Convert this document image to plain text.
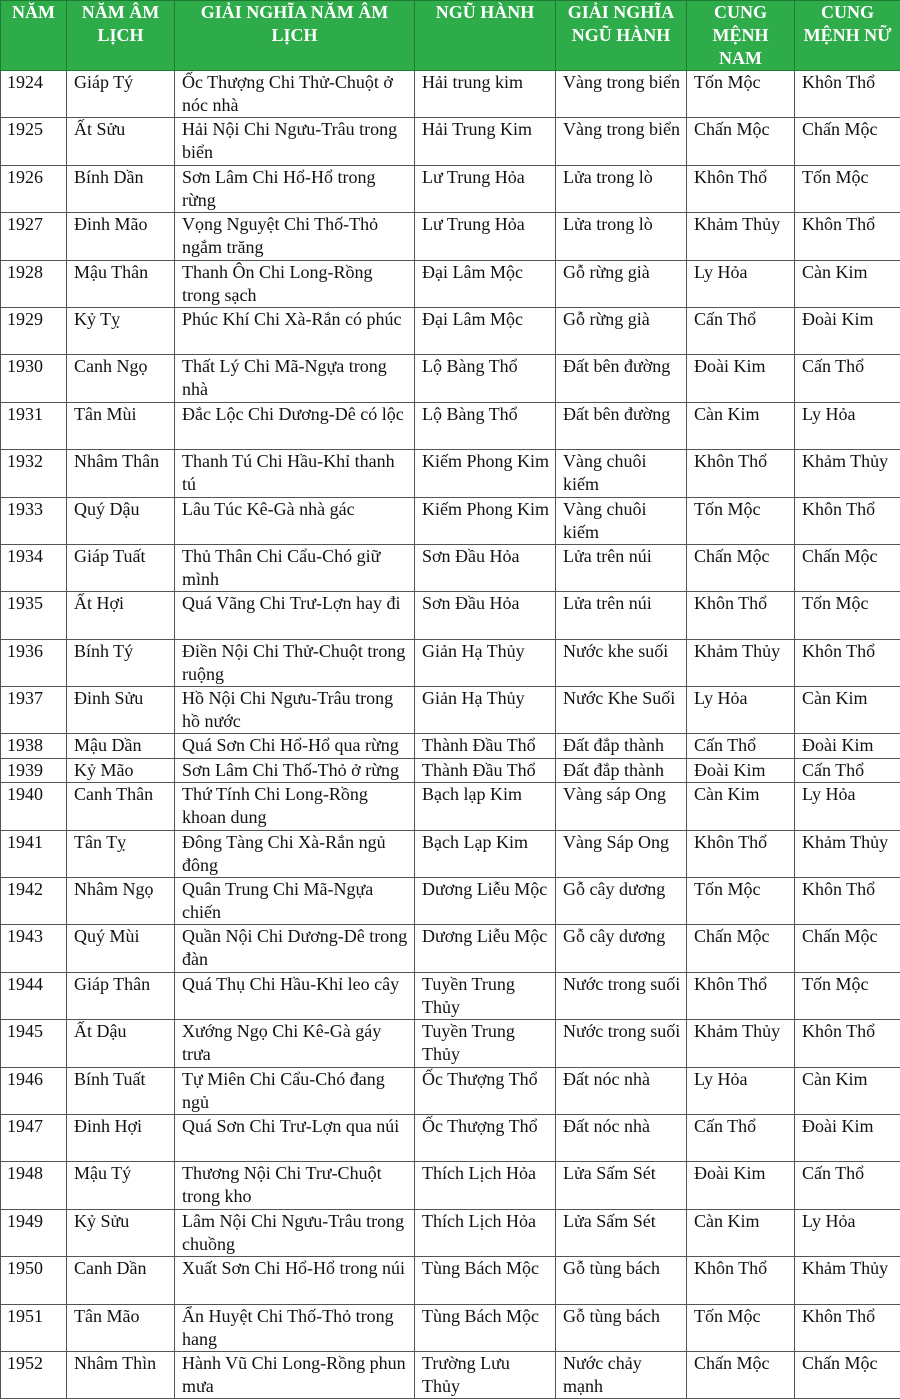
NĂM	NĂM ÂM LỊCH	GIẢI NGHĨA NĂM ÂM LỊCH	NGŨ HÀNH	GIẢI NGHĨA NGŨ HÀNH	CUNG MỆNH NAM	CUNG MỆNH NỮ
1924	Giáp Tý	Ốc Thượng Chi Thử-Chuột ở nóc nhà	Hải trung kim	Vàng trong biển	Tốn Mộc	Khôn Thổ
1925	Ất Sửu	Hải Nội Chi Ngưu-Trâu trong biển	Hải Trung Kim	Vàng trong biển	Chấn Mộc	Chấn Mộc
1926	Bính Dần	Sơn Lâm Chi Hổ-Hổ trong rừng	Lư Trung Hỏa	Lửa trong lò	Khôn Thổ	Tốn Mộc
1927	Đinh Mão	Vọng Nguyệt Chi Thố-Thỏ ngắm trăng	Lư Trung Hỏa	Lửa trong lò	Khảm Thủy	Khôn Thổ
1928	Mậu Thân	Thanh Ôn Chi Long-Rồng trong sạch	Đại Lâm Mộc	Gỗ rừng già	Ly Hỏa	Càn Kim
1929	Kỷ Tỵ	Phúc Khí Chi Xà-Rắn có phúc	Đại Lâm Mộc	Gỗ rừng già	Cấn Thổ	Đoài Kim
1930	Canh Ngọ	Thất Lý Chi Mã-Ngựa trong nhà	Lộ Bàng Thổ	Đất bên đường	Đoài Kim	Cấn Thổ
1931	Tân Mùi	Đắc Lộc Chi Dương-Dê có lộc	Lộ Bàng Thổ	Đất bên đường	Càn Kim	Ly Hỏa
1932	Nhâm Thân	Thanh Tú Chi Hầu-Khỉ thanh tú	Kiếm Phong Kim	Vàng chuôi kiếm	Khôn Thổ	Khảm Thủy
1933	Quý Dậu	Lâu Túc Kê-Gà nhà gác	Kiếm Phong Kim	Vàng chuôi kiếm	Tốn Mộc	Khôn Thổ
1934	Giáp Tuất	Thủ Thân Chi Cẩu-Chó giữ mình	Sơn Đầu Hỏa	Lửa trên núi	Chấn Mộc	Chấn Mộc
1935	Ất Hợi	Quá Vãng Chi Trư-Lợn hay đi	Sơn Đầu Hỏa	Lửa trên núi	Khôn Thổ	Tốn Mộc
1936	Bính Tý	Điền Nội Chi Thử-Chuột trong ruộng	Giản Hạ Thủy	Nước khe suối	Khảm Thủy	Khôn Thổ
1937	Đinh Sửu	Hồ Nội Chi Ngưu-Trâu trong hồ nước	Giản Hạ Thủy	Nước Khe Suối	Ly Hỏa	Càn Kim
1938	Mậu Dần	Quá Sơn Chi Hổ-Hổ qua rừng	Thành Đầu Thổ	Đất đắp thành	Cấn Thổ	Đoài Kim
1939	Kỷ Mão	Sơn Lâm Chi Thố-Thỏ ở rừng	Thành Đầu Thổ	Đất đắp thành	Đoài Kim	Cấn Thổ
1940	Canh Thân	Thứ Tính Chi Long-Rồng khoan dung	Bạch lạp Kim	Vàng sáp Ong	Càn Kim	Ly Hỏa
1941	Tân Tỵ	Đông Tàng Chi Xà-Rắn ngủ đông	Bạch Lạp Kim	Vàng Sáp Ong	Khôn Thổ	Khảm Thủy
1942	Nhâm Ngọ	Quân Trung Chi Mã-Ngựa chiến	Dương Liễu Mộc	Gỗ cây dương	Tốn Mộc	Khôn Thổ
1943	Quý Mùi	Quần Nội Chi Dương-Dê trong đàn	Dương Liễu Mộc	Gỗ cây dương	Chấn Mộc	Chấn Mộc
1944	Giáp Thân	Quá Thụ Chi Hầu-Khỉ leo cây	Tuyền Trung Thủy	Nước trong suối	Khôn Thổ	Tốn Mộc
1945	Ất Dậu	Xướng Ngọ Chi Kê-Gà gáy trưa	Tuyền Trung Thủy	Nước trong suối	Khảm Thủy	Khôn Thổ
1946	Bính Tuất	Tự Miên Chi Cẩu-Chó đang ngủ	Ốc Thượng Thổ	Đất nóc nhà	Ly Hỏa	Càn Kim
1947	Đinh Hợi	Quá Sơn Chi Trư-Lợn qua núi	Ốc Thượng Thổ	Đất nóc nhà	Cấn Thổ	Đoài Kim
1948	Mậu Tý	Thương Nội Chi Trư-Chuột trong kho	Thích Lịch Hỏa	Lửa Sấm Sét	Đoài Kim	Cấn Thổ
1949	Kỷ Sửu	Lâm Nội Chi Ngưu-Trâu trong chuồng	Thích Lịch Hỏa	Lửa Sấm Sét	Càn Kim	Ly Hỏa
1950	Canh Dần	Xuất Sơn Chi Hổ-Hổ trong núi	Tùng Bách Mộc	Gỗ tùng bách	Khôn Thổ	Khảm Thủy
1951	Tân Mão	Ẩn Huyệt Chi Thố-Thỏ trong hang	Tùng Bách Mộc	Gỗ tùng bách	Tốn Mộc	Khôn Thổ
1952	Nhâm Thìn	Hành Vũ Chi Long-Rồng phun mưa	Trường Lưu Thủy	Nước chảy mạnh	Chấn Mộc	Chấn Mộc
